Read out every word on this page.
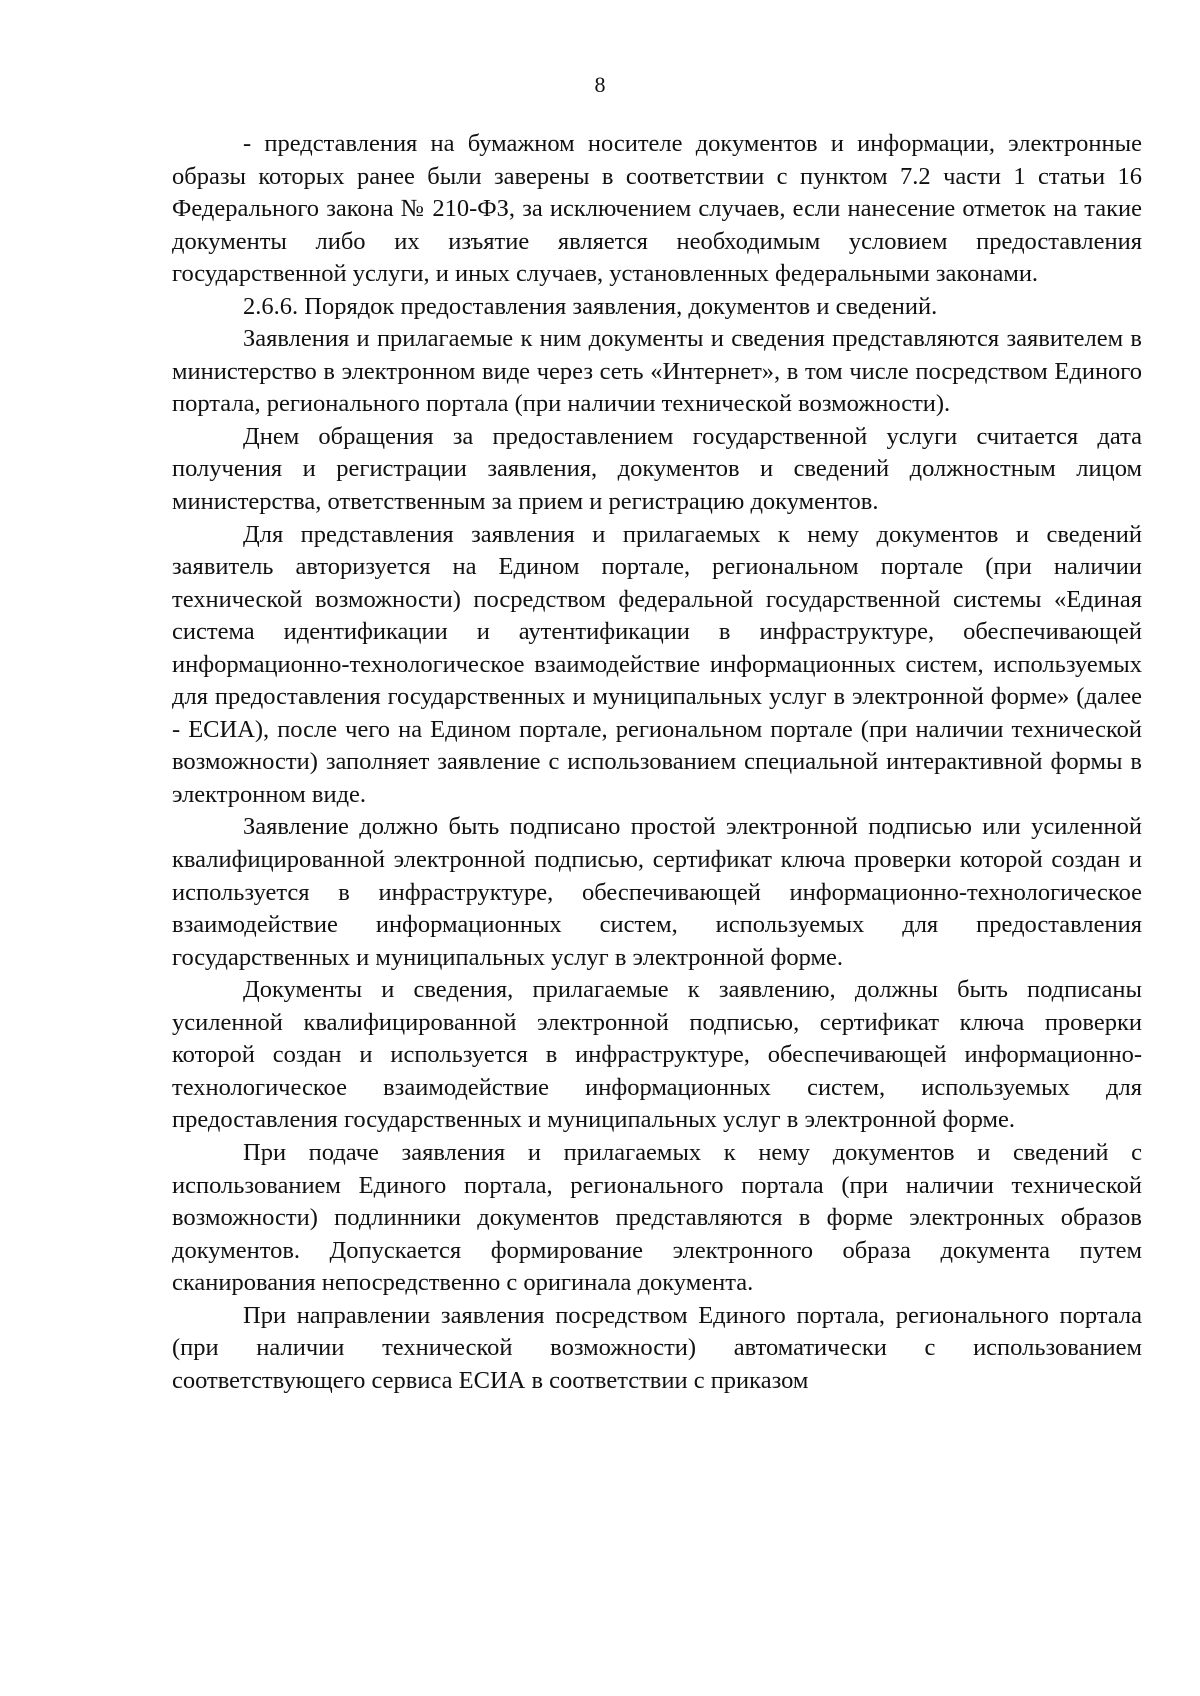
8

- представления на бумажном носителе документов и информации, электронные образы которых ранее были заверены в соответствии с пунктом 7.2 части 1 статьи 16 Федерального закона № 210-ФЗ, за исключением случаев, если нанесение отметок на такие документы либо их изъятие является необходимым условием предоставления государственной услуги, и иных случаев, установленных федеральными законами.

2.6.6. Порядок предоставления заявления, документов и сведений.

Заявления и прилагаемые к ним документы и сведения представляются заявителем в министерство в электронном виде через сеть «Интернет», в том числе посредством Единого портала, регионального портала (при наличии технической возможности).

Днем обращения за предоставлением государственной услуги считается дата получения и регистрации заявления, документов и сведений должностным лицом министерства, ответственным за прием и регистрацию документов.

Для представления заявления и прилагаемых к нему документов и сведений заявитель авторизуется на Едином портале, региональном портале (при наличии технической возможности) посредством федеральной государственной системы «Единая система идентификации и аутентификации в инфраструктуре, обеспечивающей информационно-технологическое взаимодействие информационных систем, используемых для предоставления государственных и муниципальных услуг в электронной форме» (далее - ЕСИА), после чего на Едином портале, региональном портале (при наличии технической возможности) заполняет заявление с использованием специальной интерактивной формы в электронном виде.

Заявление должно быть подписано простой электронной подписью или усиленной квалифицированной электронной подписью, сертификат ключа проверки которой создан и используется в инфраструктуре, обеспечивающей информационно-технологическое взаимодействие информационных систем, используемых для предоставления государственных и муниципальных услуг в электронной форме.

Документы и сведения, прилагаемые к заявлению, должны быть подписаны усиленной квалифицированной электронной подписью, сертификат ключа проверки которой создан и используется в инфраструктуре, обеспечивающей информационно-технологическое взаимодействие информационных систем, используемых для предоставления государственных и муниципальных услуг в электронной форме.

При подаче заявления и прилагаемых к нему документов и сведений с использованием Единого портала, регионального портала (при наличии технической возможности) подлинники документов представляются в форме электронных образов документов. Допускается формирование электронного образа документа путем сканирования непосредственно с оригинала документа.

При направлении заявления посредством Единого портала, регионального портала (при наличии технической возможности) автоматически с использованием соответствующего сервиса ЕСИА в соответствии с приказом
